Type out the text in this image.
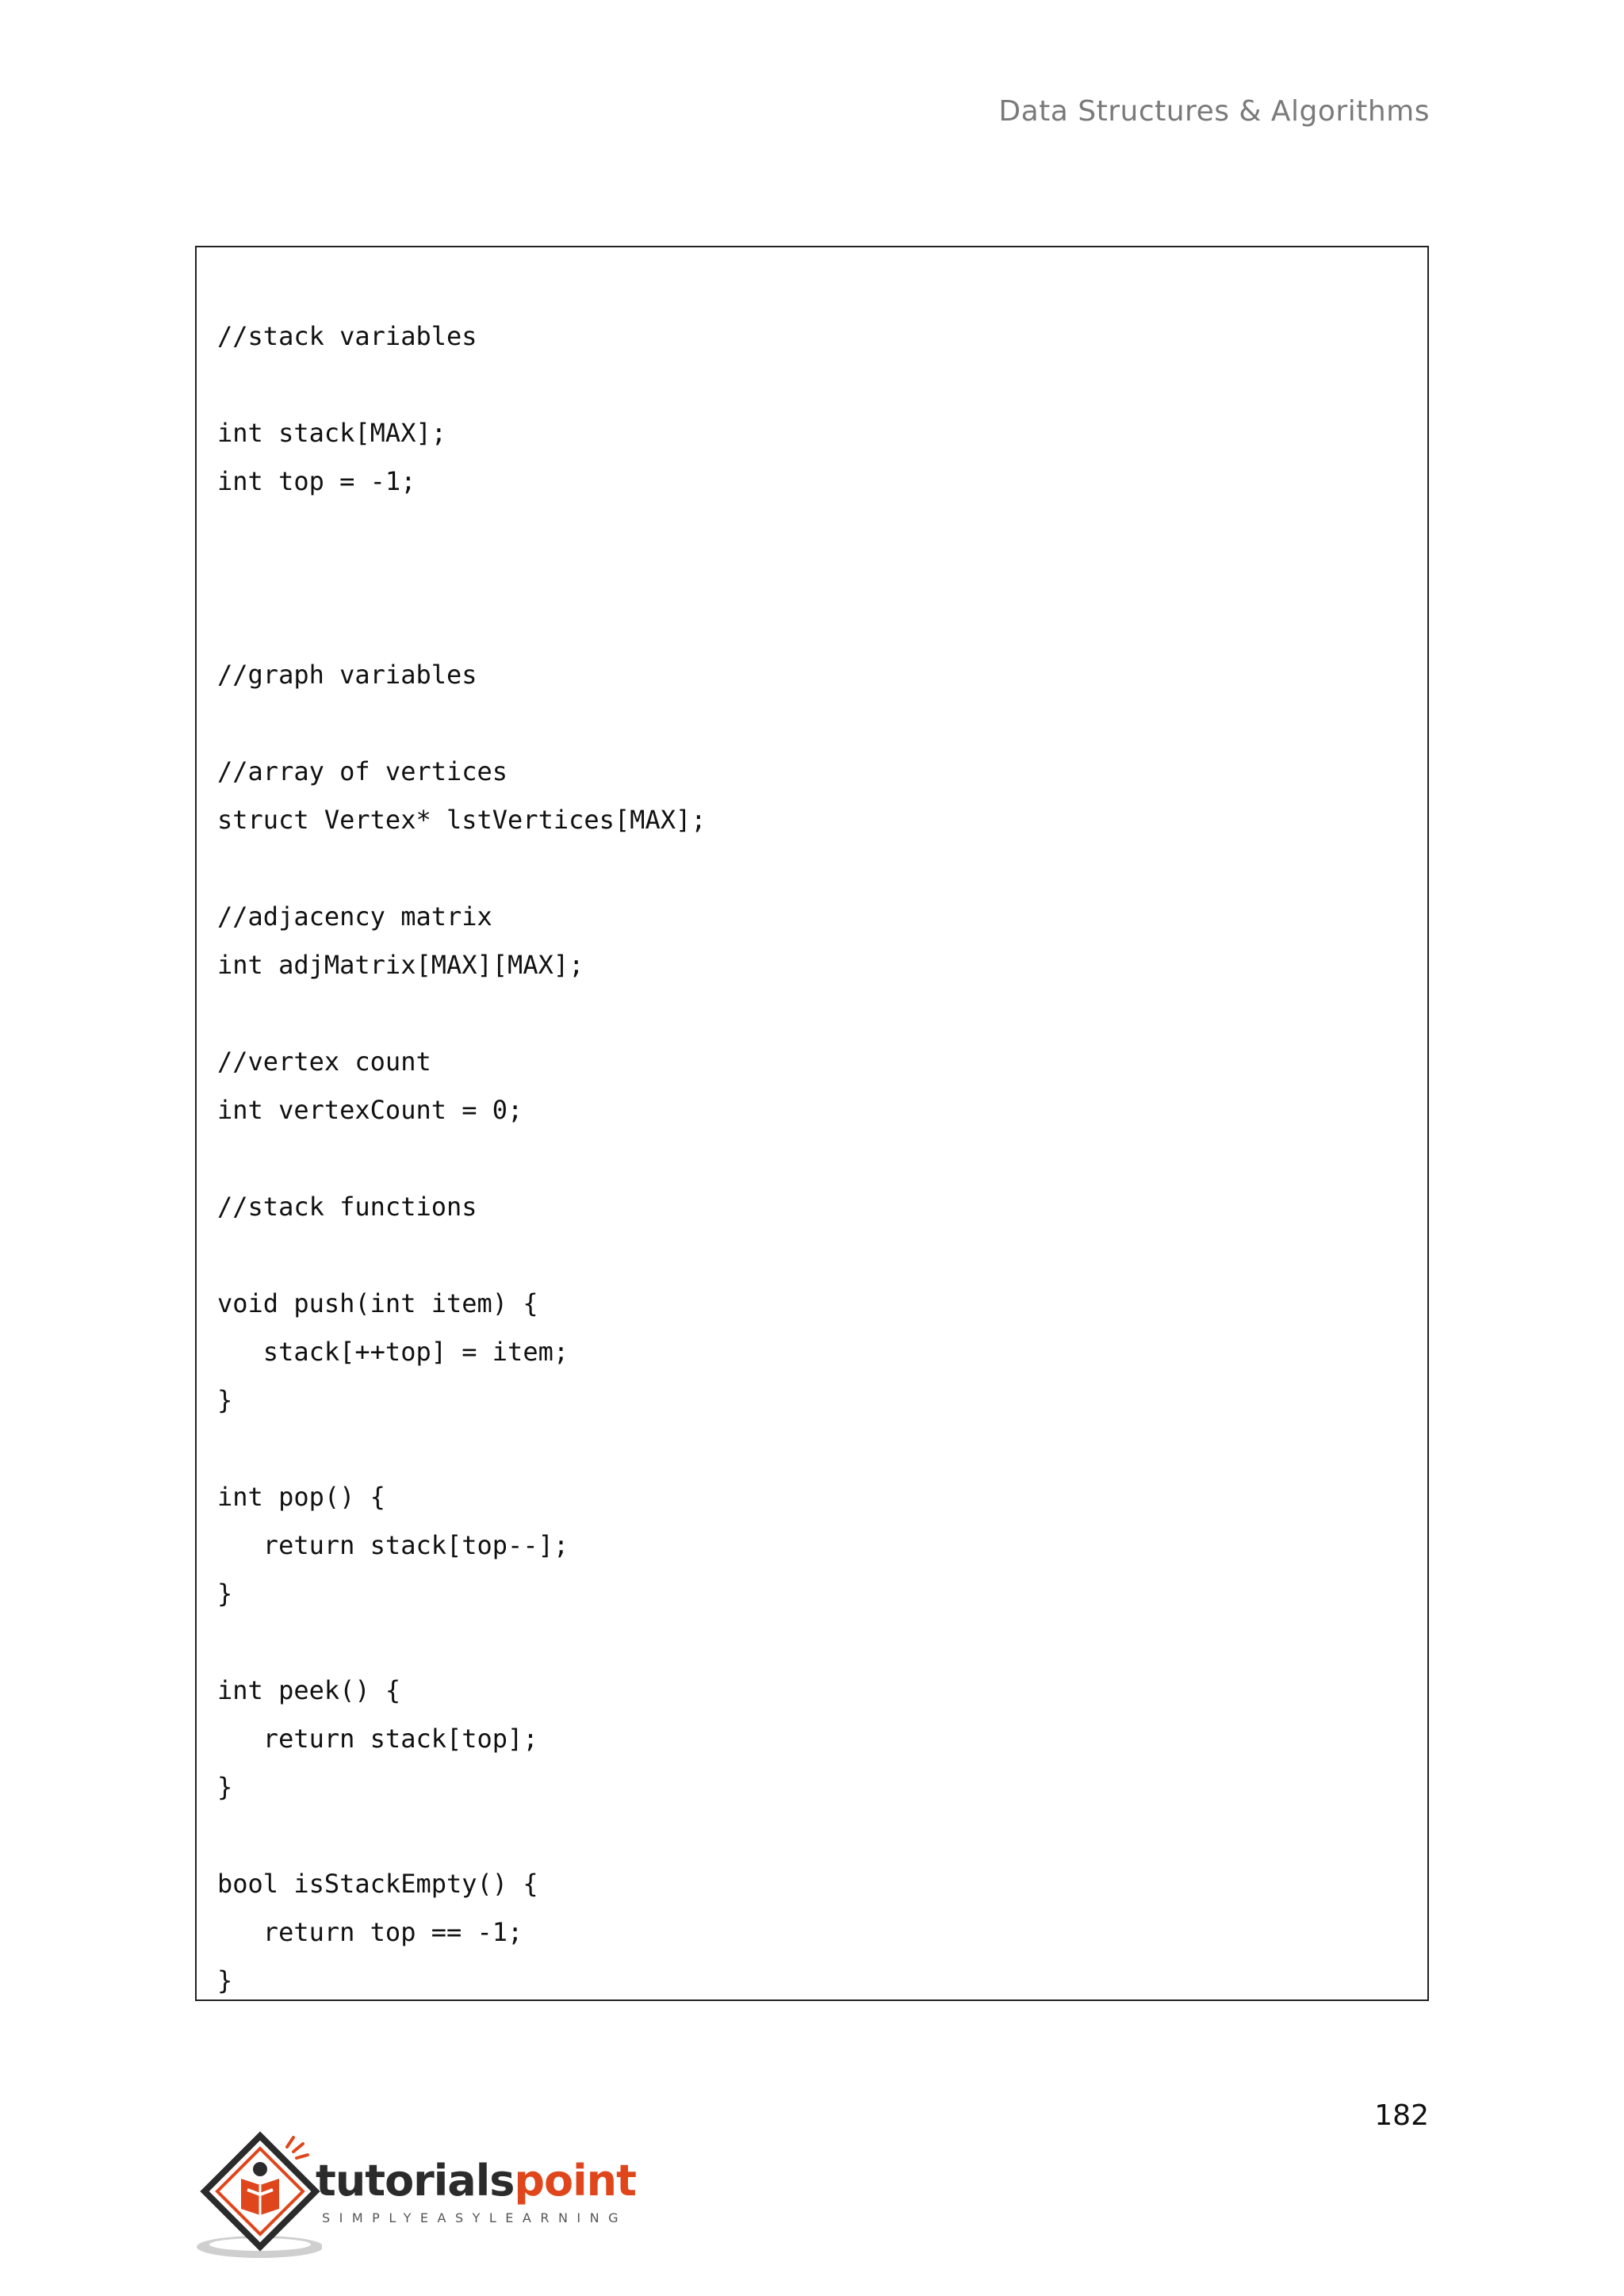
Data Structures & Algorithms
//stack variables
int stack[MAX];
int top = -1;
//graph variables
//array of vertices
struct Vertex* lstVertices[MAX];
//adjacency matrix
int adjMatrix[MAX][MAX];
//vertex count
int vertexCount = 0;
//stack functions
void push(int item) {
stack[++top] = item;
}
int pop() {
return stack[top--];
}
int peek() {
return stack[top];
}
bool isStackEmpty() {
return top == -1;
}
182
tutorialspoint
SIMPLYEASYLEARNING
